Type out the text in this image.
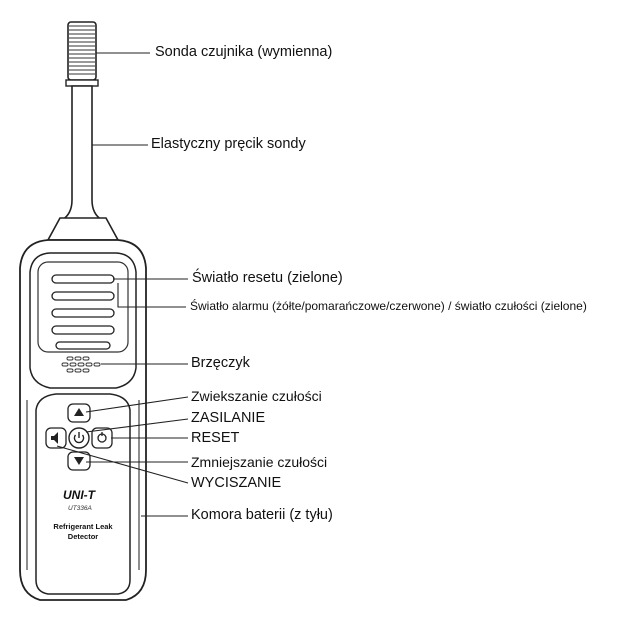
UNI-T
UT336A
Refrigerant Leak
Detector
Sonda czujnika (wymienna)
Elastyczny pręcik sondy
Światło resetu (zielone)
Światło alarmu (żółte/pomarańczowe/czerwone) / światło czułości (zielone)
Brzęczyk
Zwiekszanie czułości
ZASILANIE
RESET
Zmniejszanie czułości
WYCISZANIE
Komora baterii (z tyłu)
